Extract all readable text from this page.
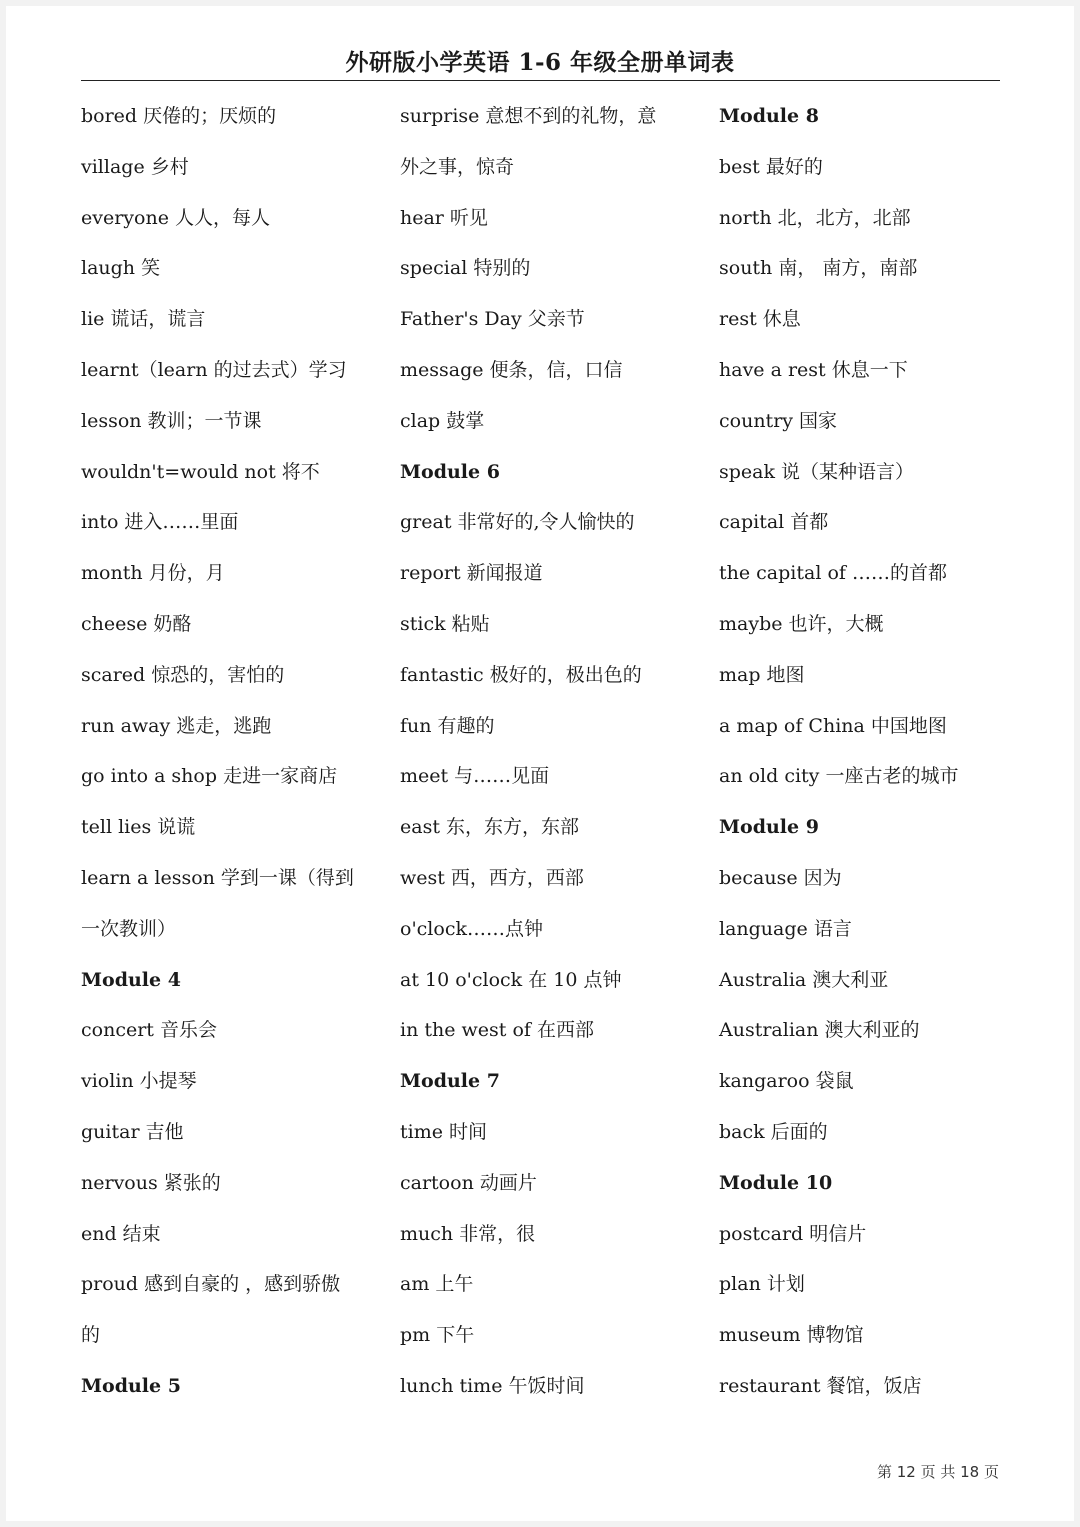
外研版小学英语 1-6 年级全册单词表
bored 厌倦的；厌烦的
village 乡村
everyone 人人，每人
laugh 笑
lie 谎话，谎言
learnt（learn 的过去式）学习
lesson 教训；一节课
wouldn't=would not 将不
into 进入……里面
month 月份，月
cheese 奶酪
scared 惊恐的，害怕的
run away 逃走，逃跑
go into a shop 走进一家商店
tell lies 说谎
learn a lesson 学到一课（得到
一次教训）
Module 4
concert 音乐会
violin 小提琴
guitar 吉他
nervous 紧张的
end 结束
proud 感到自豪的 ，感到骄傲
的
Module 5
surprise 意想不到的礼物，意
外之事，惊奇
hear 听见
special 特别的
Father's Day 父亲节
message 便条，信，口信
clap 鼓掌
Module 6
great 非常好的,令人愉快的
report 新闻报道
stick 粘贴
fantastic 极好的，极出色的
fun 有趣的
meet 与……见面
east 东，东方，东部
west 西，西方，西部
o'clock……点钟
at 10 o'clock 在 10 点钟
in the west of 在西部
Module 7
time 时间
cartoon 动画片
much 非常，很
am 上午
pm 下午
lunch time 午饭时间
Module 8
best 最好的
north 北，北方，北部
south 南， 南方，南部
rest 休息
have a rest 休息一下
country 国家
speak 说（某种语言）
capital 首都
the capital of ……的首都
maybe 也许，大概
map 地图
a map of China 中国地图
an old city 一座古老的城市
Module 9
because 因为
language 语言
Australia 澳大利亚
Australian 澳大利亚的
kangaroo 袋鼠
back 后面的
Module 10
postcard 明信片
plan 计划
museum 博物馆
restaurant 餐馆，饭店
第 12 页 共 18 页
